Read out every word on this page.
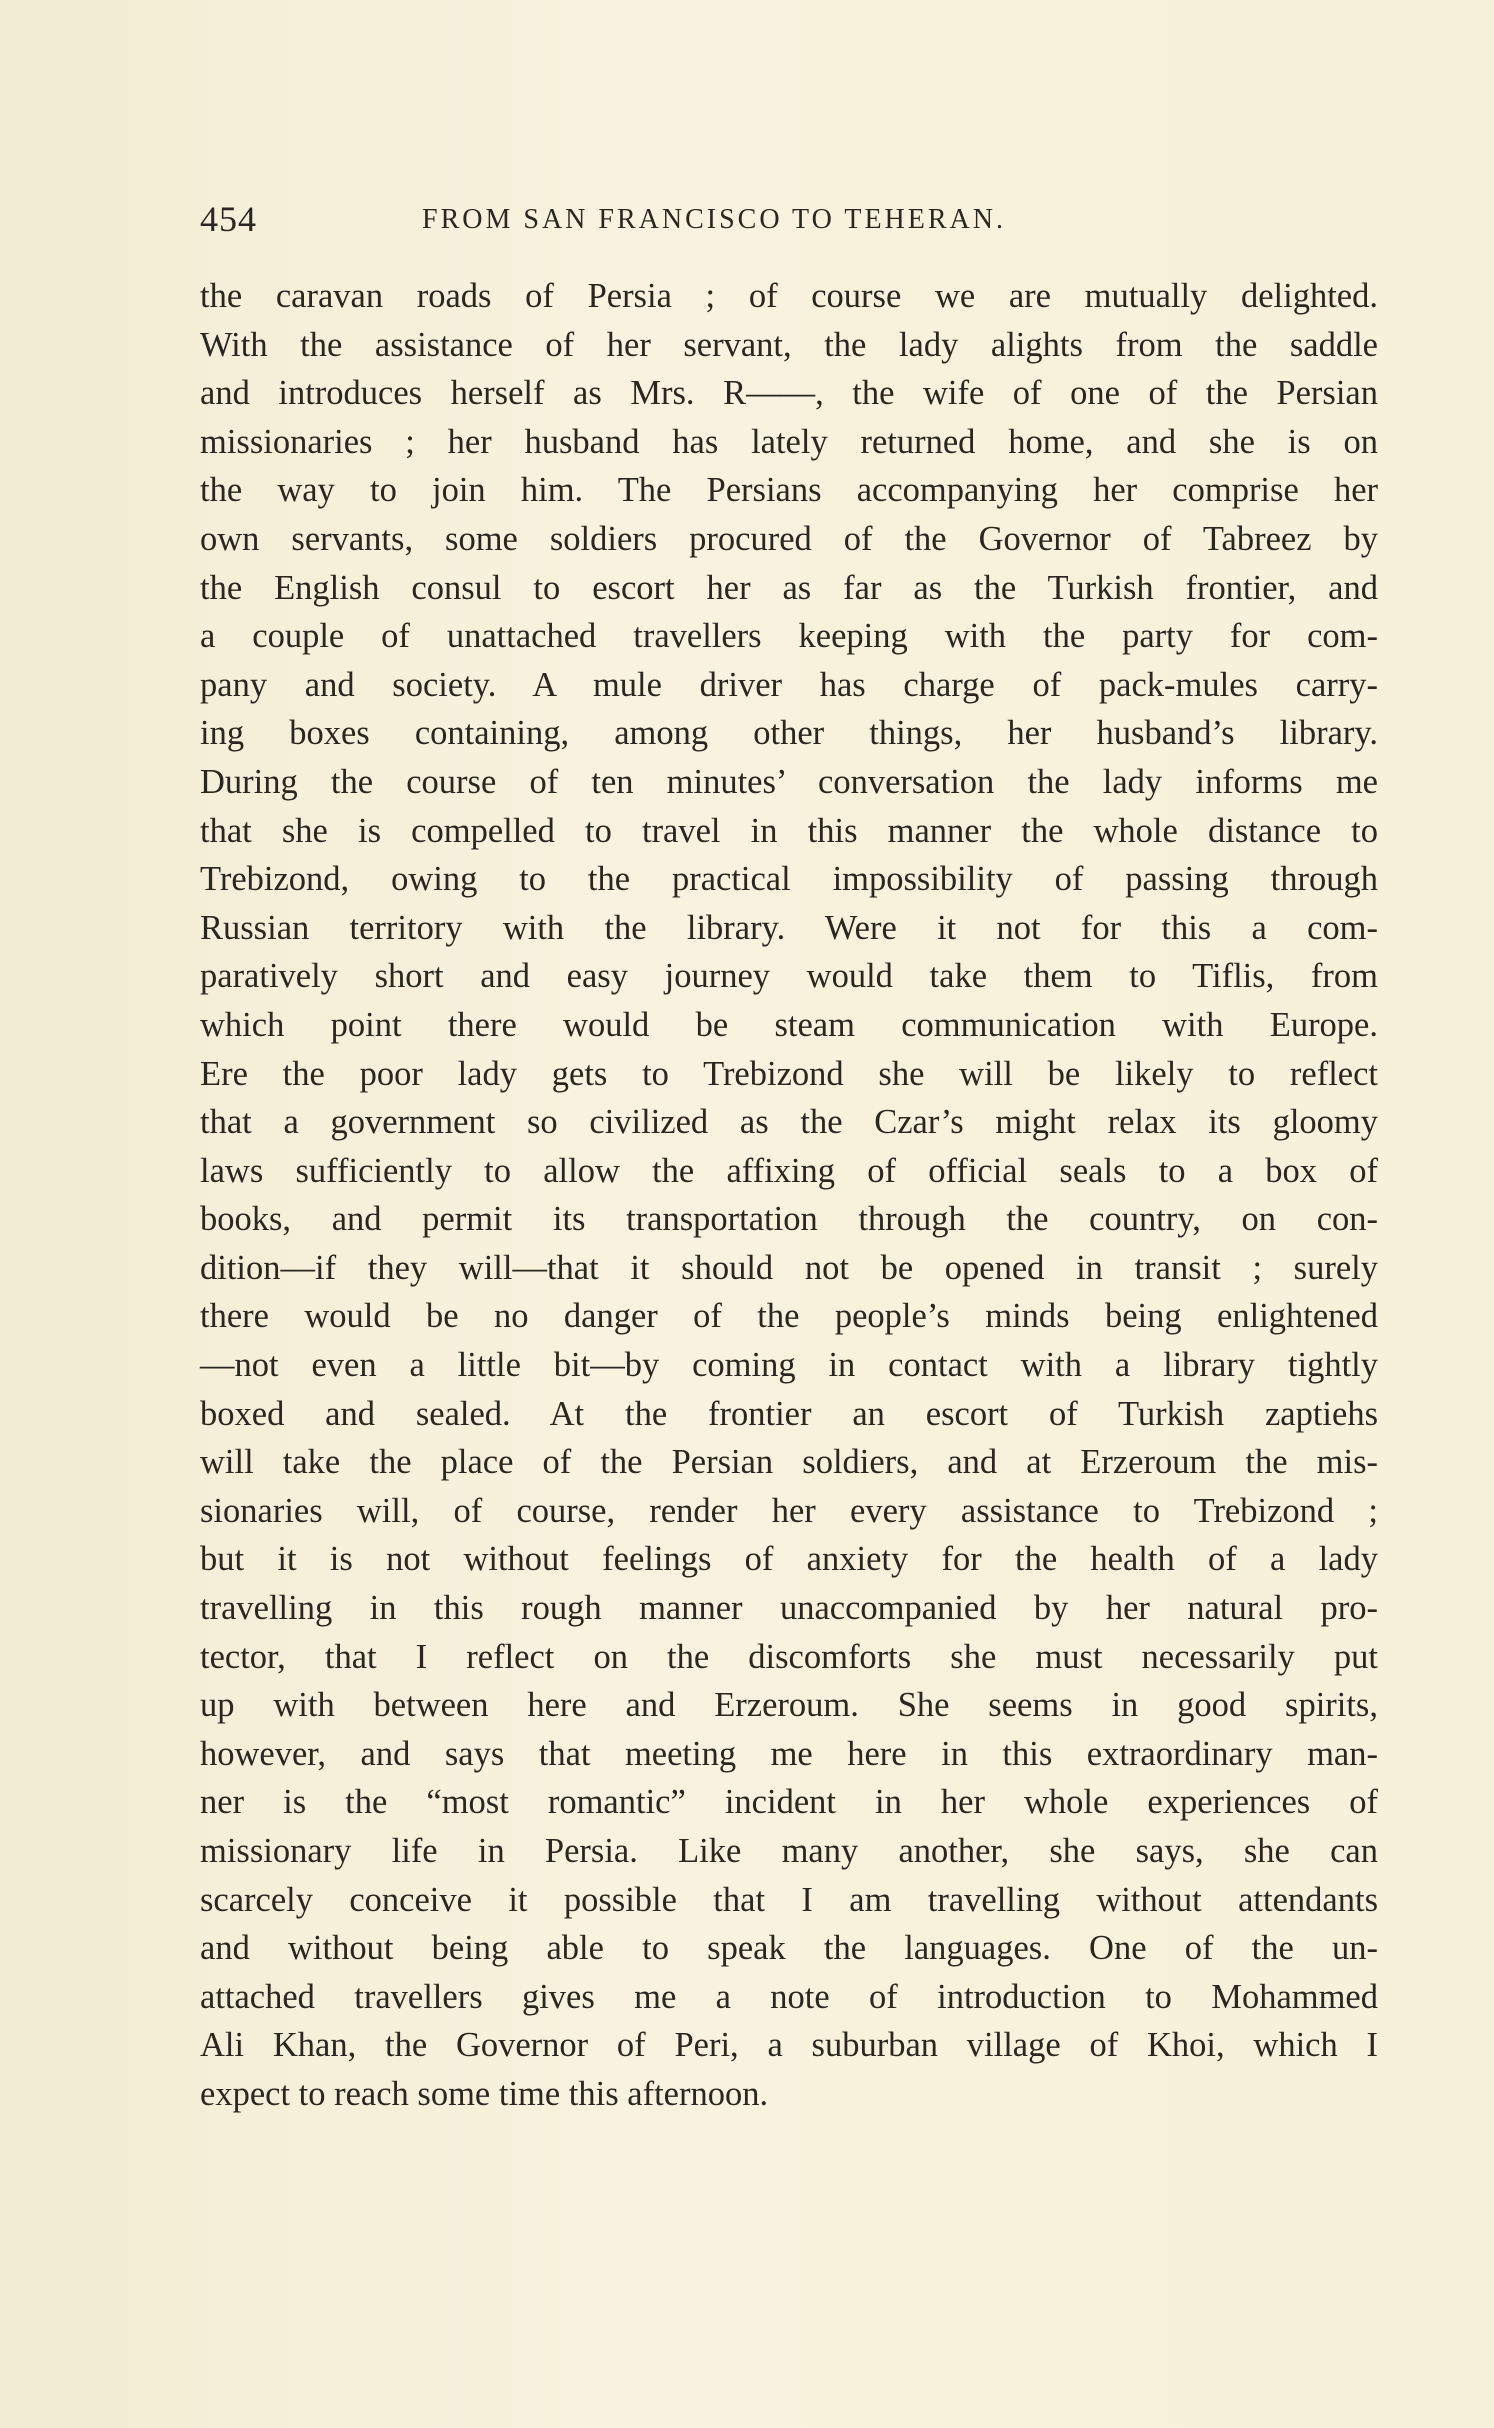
454	FROM SAN FRANCISCO TO TEHERAN.
the caravan roads of Persia ; of course we are mutually delighted.
With the assistance of her servant, the lady alights from the saddle
and introduces herself as Mrs. R——, the wife of one of the Persian
missionaries ; her husband has lately returned home, and she is on
the way to join him. The Persians accompanying her comprise her
own servants, some soldiers procured of the Governor of Tabreez by
the English consul to escort her as far as the Turkish frontier, and
a couple of unattached travellers keeping with the party for com-
pany and society. A mule driver has charge of pack-mules carry-
ing boxes containing, among other things, her husband’s library.
During the course of ten minutes’ conversation the lady informs me
that she is compelled to travel in this manner the whole distance to
Trebizond, owing to the practical impossibility of passing through
Russian territory with the library. Were it not for this a com-
paratively short and easy journey would take them to Tiflis, from
which point there would be steam communication with Europe.
Ere the poor lady gets to Trebizond she will be likely to reflect
that a government so civilized as the Czar’s might relax its gloomy
laws sufficiently to allow the affixing of official seals to a box of
books, and permit its transportation through the country, on con-
dition—if they will—that it should not be opened in transit ; surely
there would be no danger of the people’s minds being enlightened
—not even a little bit—by coming in contact with a library tightly
boxed and sealed. At the frontier an escort of Turkish zaptiehs
will take the place of the Persian soldiers, and at Erzeroum the mis-
sionaries will, of course, render her every assistance to Trebizond ;
but it is not without feelings of anxiety for the health of a lady
travelling in this rough manner unaccompanied by her natural pro-
tector, that I reflect on the discomforts she must necessarily put
up with between here and Erzeroum. She seems in good spirits,
however, and says that meeting me here in this extraordinary man-
ner is the “most romantic” incident in her whole experiences of
missionary life in Persia. Like many another, she says, she can
scarcely conceive it possible that I am travelling without attendants
and without being able to speak the languages. One of the un-
attached travellers gives me a note of introduction to Mohammed
Ali Khan, the Governor of Peri, a suburban village of Khoi, which I
expect to reach some time this afternoon.
